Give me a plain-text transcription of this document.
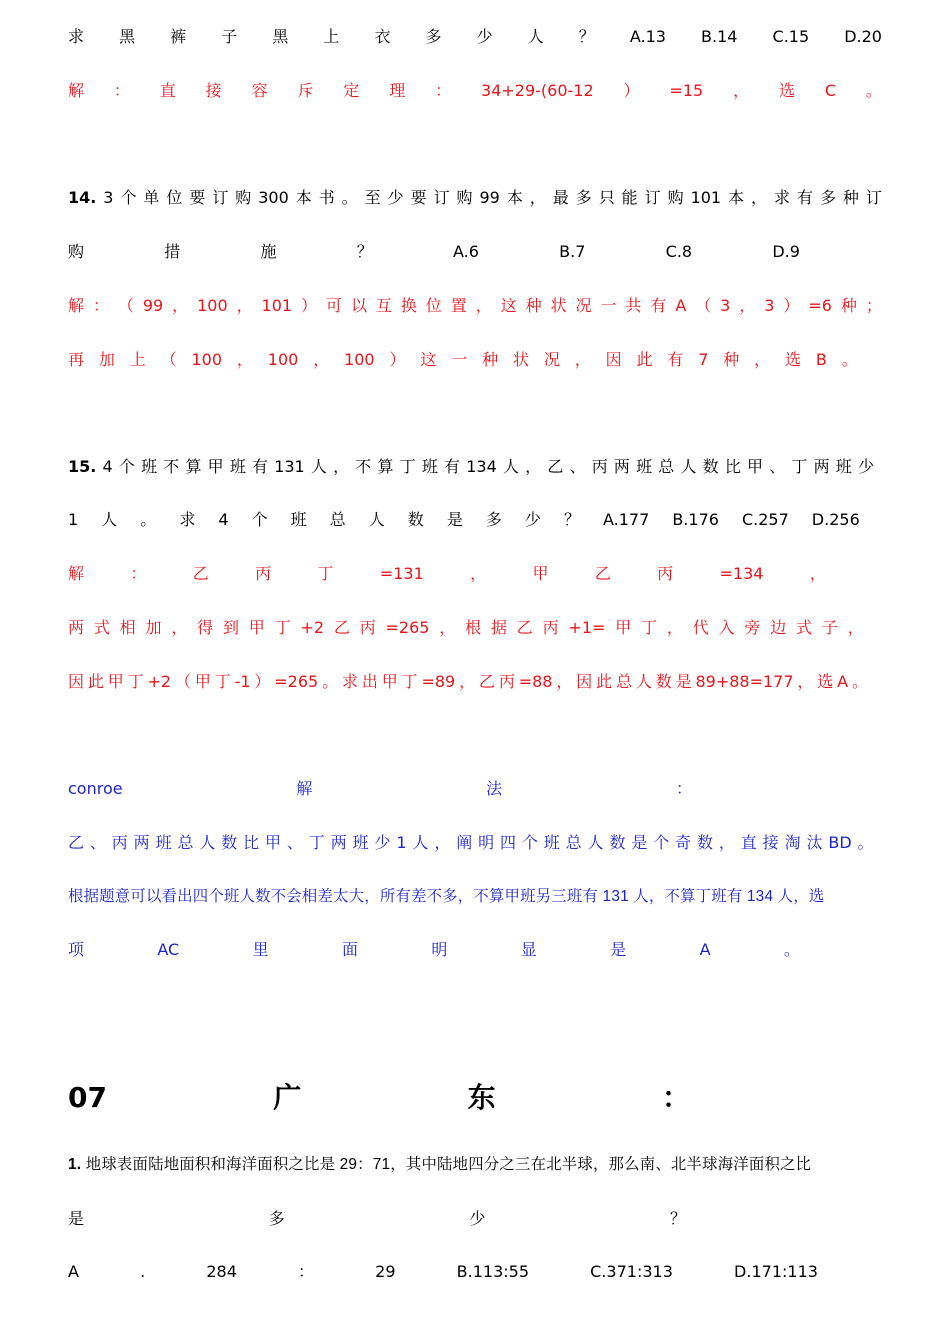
求 黑 裤 子 黑 上 衣 多 少 人 ？ A.13 B.14 C.15 D.20
解 ： 直 接 容 斥 定 理 ： 34+29-(60-12 ） =15 ， 选 C 。
14. 3 个 单 位 要 订 购 300 本 书 。 至 少 要 订 购 99 本 ， 最 多 只 能 订 购 101 本 ， 求 有 多 种 订
购	措	施	？	A.6	B.7	C.8	D.9
解 ： （ 99 ， 100 ， 101 ） 可 以 互 换 位 置 ， 这 种 状 况 一 共 有 A （ 3 ， 3 ） =6 种 ；
再 加 上 （ 100 ， 100 ， 100 ） 这 一 种 状 况 ， 因 此 有 7 种 ， 选 B 。
15. 4 个 班 不 算 甲 班 有 131 人 ， 不 算 丁 班 有 134 人 ， 乙 、 丙 两 班 总 人 数 比 甲 、 丁 两 班 少
1 人 。 求 4 个 班 总 人 数 是 多 少 ？ A.177 B.176 C.257 D.256
解	：	乙	丙	丁	=131	，	甲	乙	丙	=134	，
两 式 相 加 ， 得 到 甲 丁 +2 乙 丙 =265 ， 根 据 乙 丙 +1= 甲 丁 ， 代 入 旁 边 式 子 ，
因 此 甲 丁 +2 （ 甲 丁 -1 ） =265 。 求 出 甲 丁 =89 ， 乙 丙 =88 ， 因 此 总 人 数 是 89+88=177 ， 选 A 。
conroe	解	法	：
乙 、 丙 两 班 总 人 数 比 甲 、 丁 两 班 少 1 人 ， 阐 明 四 个 班 总 人 数 是 个 奇 数 ， 直 接 淘 汰 BD 。
根据题意可以看出四个班人数不会相差太大，所有差不多，不算甲班另三班有 131 人，不算丁班有 134 人，选
项	AC	里	面	明	显	是	A	。
07	广	东	：
1. 地球表面陆地面积和海洋面积之比是 29：71，其中陆地四分之三在北半球，那么南、北半球海洋面积之比
是	多	少	？
A	.	284	：	29	B.113:55	C.371:313	D.171:113
